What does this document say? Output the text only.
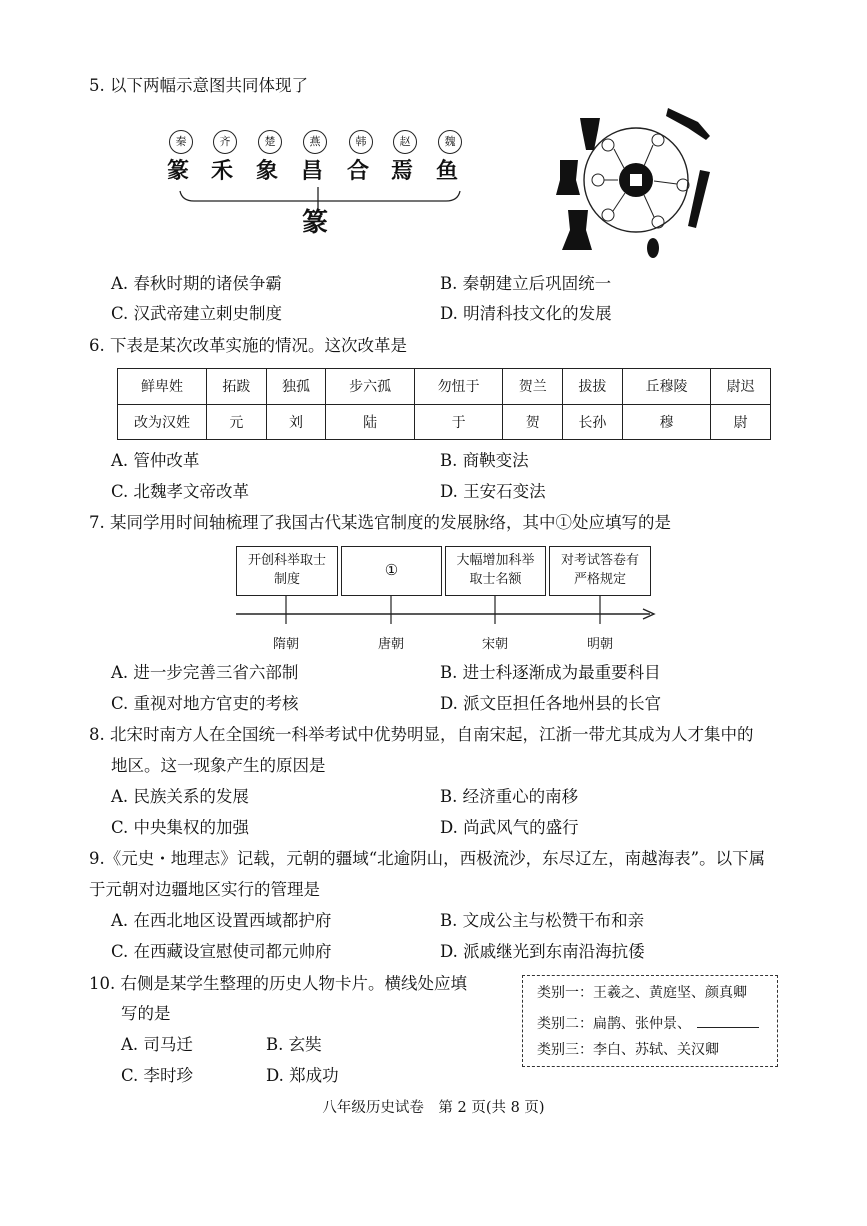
5. 以下两幅示意图共同体现了
秦	齐	楚	燕	韩	赵	魏
篆 禾 象 昌 合 焉 鱼
篆
A. 春秋时期的诸侯争霸	B. 秦朝建立后巩固统一
C. 汉武帝建立刺史制度	D. 明清科技文化的发展
6. 下表是某次改革实施的情况。这次改革是
鲜卑姓	拓跋	独孤	步六孤	勿忸于	贺兰	拔拔	丘穆陵	尉迟
改为汉姓	元	刘	陆	于	贺	长孙	穆	尉
A. 管仲改革	B. 商鞅变法
C. 北魏孝文帝改革	D. 王安石变法
7. 某同学用时间轴梳理了我国古代某选官制度的发展脉络，其中①处应填写的是
开创科举取士制度
①
大幅增加科举取士名额
对考试答卷有严格规定
隋朝	唐朝	宋朝	明朝
A. 进一步完善三省六部制	B. 进士科逐渐成为最重要科目
C. 重视对地方官吏的考核	D. 派文臣担任各地州县的长官
8. 北宋时南方人在全国统一科举考试中优势明显，自南宋起，江浙一带尤其成为人才集中的
地区。这一现象产生的原因是
A. 民族关系的发展	B. 经济重心的南移
C. 中央集权的加强	D. 尚武风气的盛行
9.《元史・地理志》记载，元朝的疆域“北逾阴山，西极流沙，东尽辽左，南越海表”。以下属
于元朝对边疆地区实行的管理是
A. 在西北地区设置西域都护府	B. 文成公主与松赞干布和亲
C. 在西藏设宣慰使司都元帅府	D. 派戚继光到东南沿海抗倭
10. 右侧是某学生整理的历史人物卡片。横线处应填
写的是
A. 司马迁	B. 玄奘
C. 李时珍	D. 郑成功
类别一：王羲之、黄庭坚、颜真卿
类别二：扁鹊、张仲景、
类别三：李白、苏轼、关汉卿
八年级历史试卷　第 2 页(共 8 页)
